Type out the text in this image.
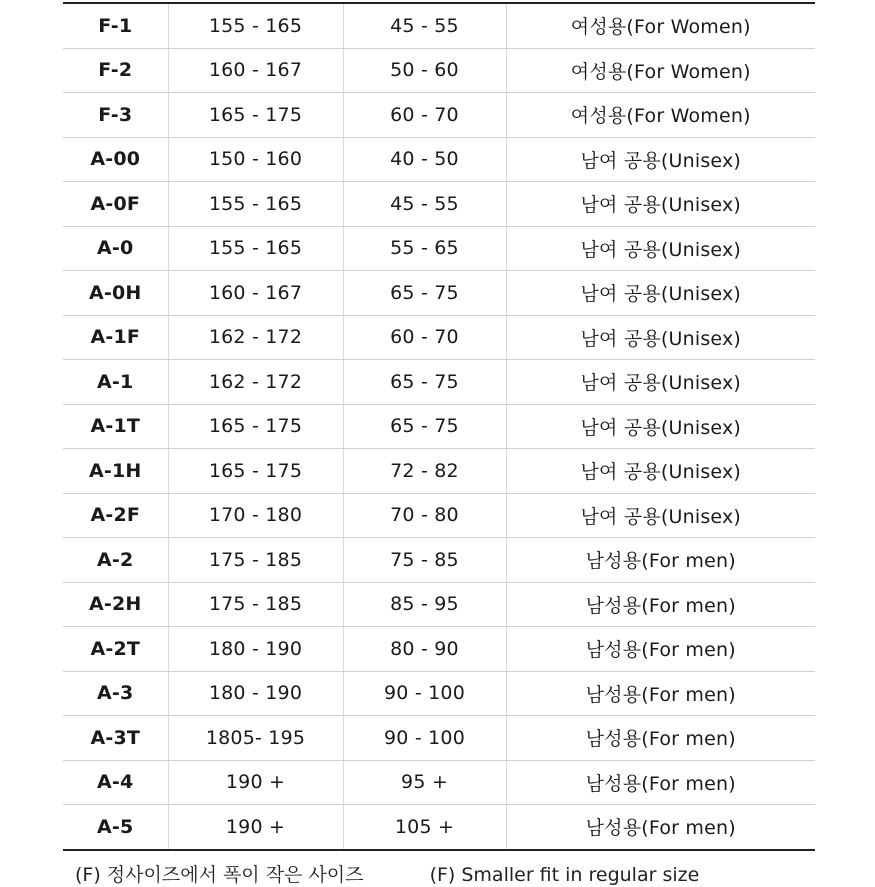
F-1	155 - 165	45 - 55	여성용(For Women)
F-2	160 - 167	50 - 60	여성용(For Women)
F-3	165 - 175	60 - 70	여성용(For Women)
A-00	150 - 160	40 - 50	남여 공용(Unisex)
A-0F	155 - 165	45 - 55	남여 공용(Unisex)
A-0	155 - 165	55 - 65	남여 공용(Unisex)
A-0H	160 - 167	65 - 75	남여 공용(Unisex)
A-1F	162 - 172	60 - 70	남여 공용(Unisex)
A-1	162 - 172	65 - 75	남여 공용(Unisex)
A-1T	165 - 175	65 - 75	남여 공용(Unisex)
A-1H	165 - 175	72 - 82	남여 공용(Unisex)
A-2F	170 - 180	70 - 80	남여 공용(Unisex)
A-2	175 - 185	75 - 85	남성용(For men)
A-2H	175 - 185	85 - 95	남성용(For men)
A-2T	180 - 190	80 - 90	남성용(For men)
A-3	180 - 190	90 - 100	남성용(For men)
A-3T	1805- 195	90 - 100	남성용(For men)
A-4	190 +	95 +	남성용(For men)
A-5	190 +	105 +	남성용(For men)
(F) 정사이즈에서 폭이 작은 사이즈	(F) Smaller fit in regular size
